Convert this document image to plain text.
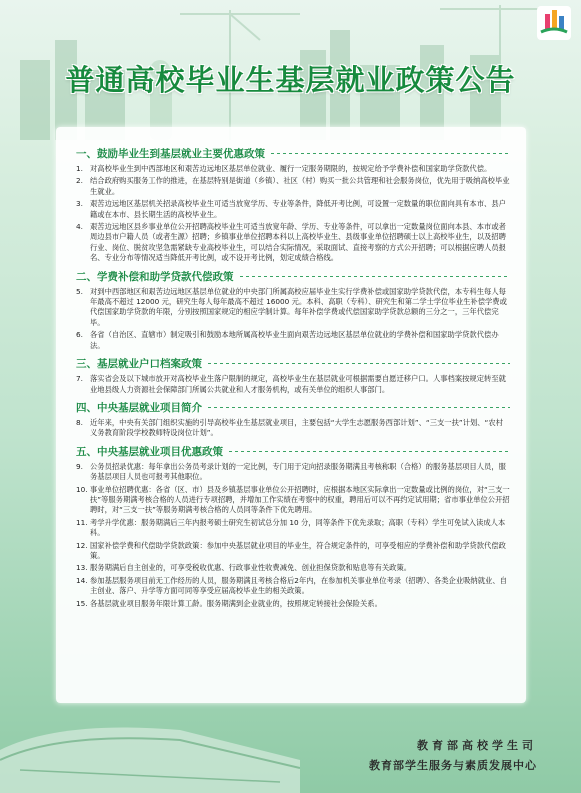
普通高校毕业生基层就业政策公告
一、鼓励毕业生到基层就业主要优惠政策
1. 对高校毕业生到中西部地区和艰苦边远地区基层单位就业、履行一定服务期限的，按规定给予学费补偿和国家助学贷款代偿。
2. 结合政府购买服务工作的推进，在基层特别是街道（乡镇）、社区（村）购买一批公共管理和社会服务岗位，优先用于吸纳高校毕业生就业。
3. 艰苦边远地区基层机关招录高校毕业生可适当放宽学历、专业等条件，降低开考比例，可设置一定数量的职位面向具有本市、县户籍或在本市、县长期生活的高校毕业生。
4. 艰苦边远地区县乡事业单位公开招聘高校毕业生可适当放宽年龄、学历、专业等条件，可以拿出一定数量岗位面向本县、本市或者周边县市户籍人员（或者生源）招聘；乡镇事业单位招聘本科以上高校毕业生、县级事业单位招聘硕士以上高校毕业生，以及招聘行业、岗位、脱贫攻坚急需紧缺专业高校毕业生，可以结合实际情况，采取面试、直接考察的方式公开招聘；可以根据应聘人员报名、专业分布等情况适当降低开考比例，或不设开考比例，划定成绩合格线。
二、学费补偿和助学贷款代偿政策
5. 对到中西部地区和艰苦边远地区基层单位就业的中央部门所属高校应届毕业生实行学费补偿或国家助学贷款代偿，本专科生每人每年最高不超过 12000 元，研究生每人每年最高不超过 16000 元。本科、高职（专科）、研究生和第二学士学位毕业生补偿学费或代偿国家助学贷款的年限，分别按照国家规定的相应学制计算。每年补偿学费或代偿国家助学贷款总额的三分之一，三年代偿完毕。
6. 各省（自治区、直辖市）制定吸引和鼓励本地所属高校毕业生面向艰苦边远地区基层单位就业的学费补偿和国家助学贷款代偿办法。
三、基层就业户口档案政策
7. 落实省会及以下城市放开对高校毕业生落户限制的规定，高校毕业生在基层就业可根据需要自愿迁移户口。人事档案按规定转至就业地县级人力资源社会保障部门所属公共就业和人才服务机构，或有关单位的组织人事部门。
四、中央基层就业项目简介
8. 近年来，中央有关部门组织实施的引导高校毕业生基层就业项目，主要包括“大学生志愿服务西部计划”、“三支一扶”计划、“农村义务教育阶段学校教师特设岗位计划”。
五、中央基层就业项目优惠政策
9. 公务员招录优惠：每年拿出公务员考录计划的一定比例，专门用于定向招录服务期满且考核称职（合格）的服务基层项目人员，服务基层项目人员也可报考其他职位。
10. 事业单位招聘优惠：各省（区、市）县及乡镇基层事业单位公开招聘时，应根据本地区实际拿出一定数量或比例的岗位，对“三支一扶”等服务期满考核合格的人员进行专项招聘，并增加工作实绩在考察中的权重，聘用后可以不再约定试用期；省市事业单位公开招聘时，对“三支一扶”等服务期满考核合格的人员同等条件下优先聘用。
11. 考学升学优惠：服务期满后三年内报考硕士研究生初试总分加 10 分，同等条件下优先录取；高职（专科）学生可免试入读成人本科。
12. 国家补偿学费和代偿助学贷款政策：参加中央基层就业项目的毕业生，符合规定条件的，可享受相应的学费补偿和助学贷款代偿政策。
13. 服务期满后自主创业的，可享受税收优惠、行政事业性收费减免、创业担保贷款和贴息等有关政策。
14. 参加基层服务项目前无工作经历的人员，服务期满且考核合格后2年内，在参加机关事业单位考录（招聘）、各类企业吸纳就业、自主创业、落户、升学等方面可同等享受应届高校毕业生的相关政策。
15. 各基层就业项目服务年限计算工龄。服务期满到企业就业的，按照规定转接社会保险关系。
教育部高校学生司
教育部学生服务与素质发展中心
